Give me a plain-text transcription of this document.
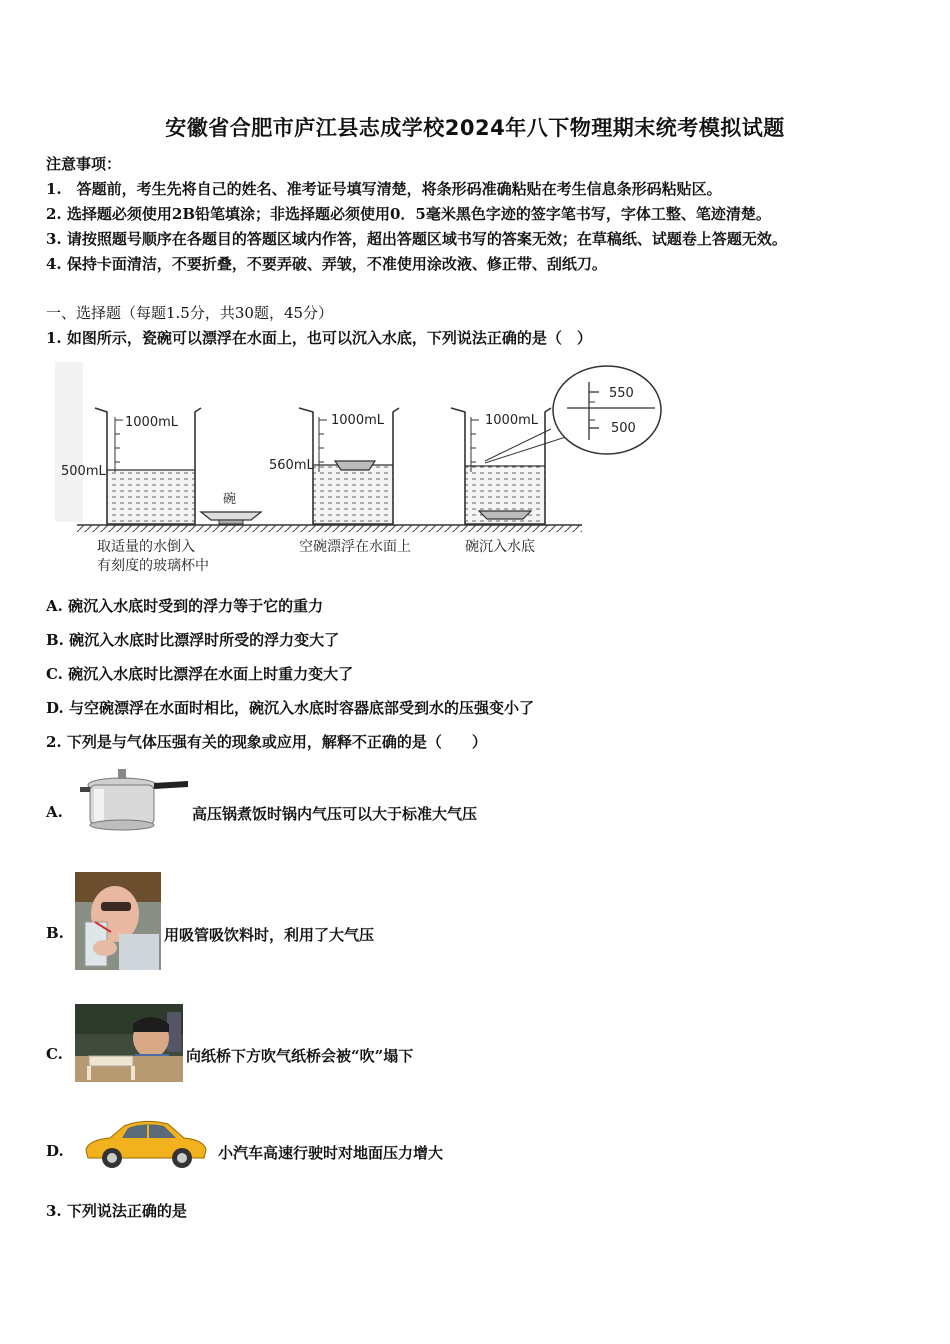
安徽省合肥市庐江县志成学校2024年八下物理期末统考模拟试题
注意事项：
1.　答题前，考生先将自己的姓名、准考证号填写清楚，将条形码准确粘贴在考生信息条形码粘贴区。
2. 选择题必须使用2B铅笔填涂；非选择题必须使用0．5毫米黑色字迹的签字笔书写，字体工整、笔迹清楚。
3. 请按照题号顺序在各题目的答题区域内作答，超出答题区域书写的答案无效；在草稿纸、试题卷上答题无效。
4. 保持卡面清洁，不要折叠，不要弄破、弄皱，不准使用涂改液、修正带、刮纸刀。
一、选择题（每题1.5分，共30题，45分）
1. 如图所示，瓷碗可以漂浮在水面上，也可以沉入水底，下列说法正确的是（　）
1000mL
500mL
碗
取适量的水倒入
有刻度的玻璃杯中
1000mL
560mL
空碗漂浮在水面上
1000mL
550
500
碗沉入水底
A. 碗沉入水底时受到的浮力等于它的重力
B. 碗沉入水底时比漂浮时所受的浮力变大了
C. 碗沉入水底时比漂浮在水面上时重力变大了
D. 与空碗漂浮在水面时相比，碗沉入水底时容器底部受到水的压强变小了
2. 下列是与气体压强有关的现象或应用，解释不正确的是（　　）
A.	高压锅煮饭时锅内气压可以大于标准大气压
B.	用吸管吸饮料时，利用了大气压
C.	向纸桥下方吹气纸桥会被“吹”塌下
D.	小汽车高速行驶时对地面压力增大
3. 下列说法正确的是
